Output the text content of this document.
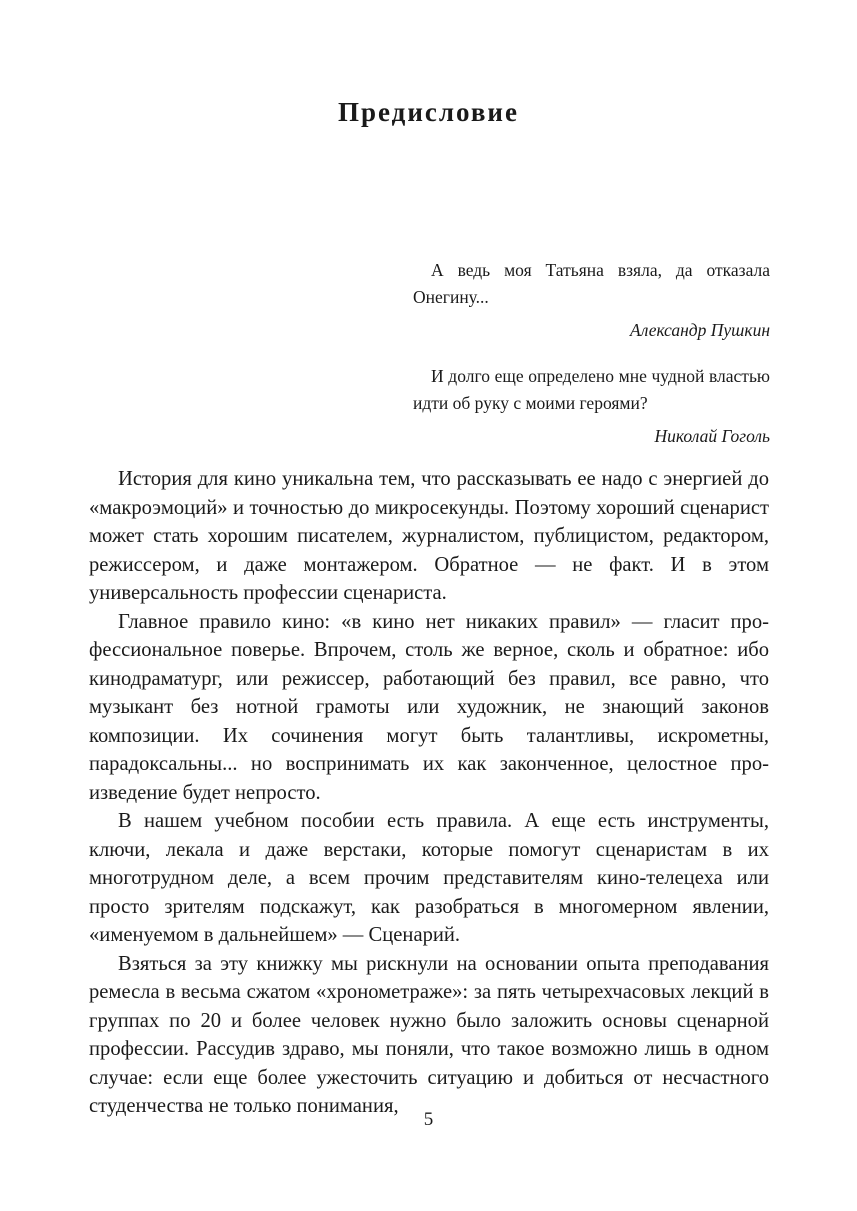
Предисловие

А ведь моя Татьяна взяла, да отказала Онегину...

Александр Пушкин

И долго еще определено мне чудной властью идти об руку с моими героями?

Николай Гоголь

История для кино уникальна тем, что рассказывать ее надо с энергией до «макроэмоций» и точностью до микросекунды. Поэтому хороший сценарист может стать хорошим писателем, журналистом, публицистом, редактором, режиссером, и даже монтажером. Обратное — не факт. И в этом универсальность профессии сценариста.

Главное правило кино: «в кино нет никаких правил» — гласит профессиональное поверье. Впрочем, столь же верное, сколь и обратное: ибо кинодраматург, или режиссер, работающий без правил, все равно, что музыкант без нотной грамоты или художник, не знающий законов композиции. Их сочинения могут быть талантливы, искрометны, парадоксальны... но воспринимать их как законченное, целостное произведение будет непросто.

В нашем учебном пособии есть правила. А еще есть инструменты, ключи, лекала и даже верстаки, которые помогут сценаристам в их многотрудном деле, а всем прочим представителям кино-телецеха или просто зрителям подскажут, как разобраться в многомерном явлении, «именуемом в дальнейшем» — Сценарий.

Взяться за эту книжку мы рискнули на основании опыта преподавания ремесла в весьма сжатом «хронометраже»: за пять четырехчасовых лекций в группах по 20 и более человек нужно было заложить основы сценарной профессии. Рассудив здраво, мы поняли, что такое возможно лишь в одном случае: если еще более ужесточить ситуацию и добиться от несчастного студенчества не только понимания,

5
